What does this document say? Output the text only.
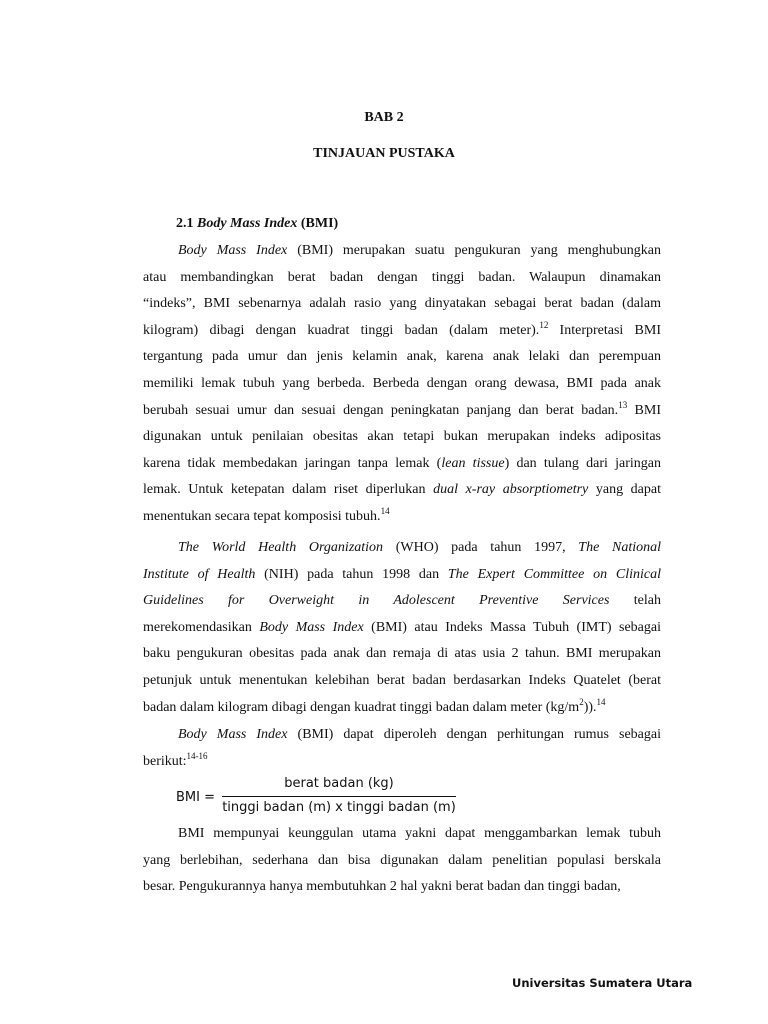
BAB 2
TINJAUAN PUSTAKA
2.1 Body Mass Index (BMI)
Body Mass Index (BMI) merupakan suatu pengukuran yang menghubungkan
atau membandingkan berat badan dengan tinggi badan. Walaupun dinamakan
“indeks”, BMI sebenarnya adalah rasio yang dinyatakan sebagai berat badan (dalam
kilogram) dibagi dengan kuadrat tinggi badan (dalam meter).$^{12}$ Interpretasi BMI
tergantung pada umur dan jenis kelamin anak, karena anak lelaki dan perempuan
memiliki lemak tubuh yang berbeda. Berbeda dengan orang dewasa, BMI pada anak
berubah sesuai umur dan sesuai dengan peningkatan panjang dan berat badan.$^{13}$ BMI
digunakan untuk penilaian obesitas akan tetapi bukan merupakan indeks adipositas
karena tidak membedakan jaringan tanpa lemak (lean tissue) dan tulang dari jaringan
lemak. Untuk ketepatan dalam riset diperlukan dual x-ray absorptiometry yang dapat
menentukan secara tepat komposisi tubuh.$^{14}$
The World Health Organization (WHO) pada tahun 1997, The National
Institute of Health (NIH) pada tahun 1998 dan The Expert Committee on Clinical
Guidelines for Overweight in Adolescent Preventive Services telah
merekomendasikan Body Mass Index (BMI) atau Indeks Massa Tubuh (IMT) sebagai
baku pengukuran obesitas pada anak dan remaja di atas usia 2 tahun. BMI merupakan
petunjuk untuk menentukan kelebihan berat badan berdasarkan Indeks Quatelet (berat
badan dalam kilogram dibagi dengan kuadrat tinggi badan dalam meter $(kg/m^2)).^{14}$
Body Mass Index (BMI) dapat diperoleh dengan perhitungan rumus sebagai
berikut:$^{14-16}$
BMI =
berat badan (kg)
tinggi badan (m) x tinggi badan (m)
BMI mempunyai keunggulan utama yakni dapat menggambarkan lemak tubuh
yang berlebihan, sederhana dan bisa digunakan dalam penelitian populasi berskala
besar. Pengukurannya hanya membutuhkan 2 hal yakni berat badan dan tinggi badan,
Universitas Sumatera Utara
